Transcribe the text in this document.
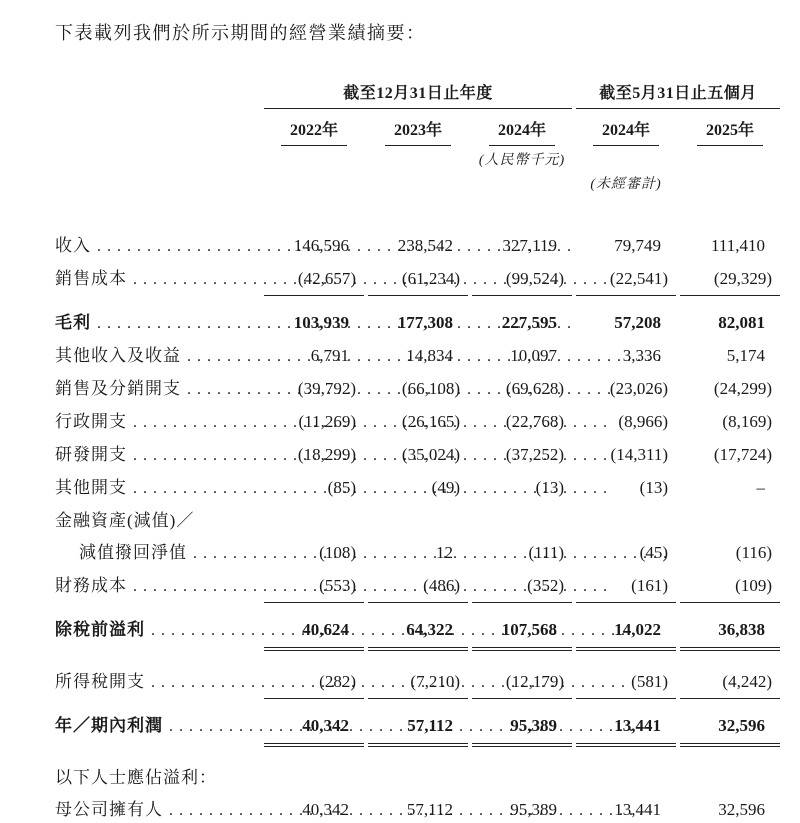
下表載列我們於所示期間的經營業績摘要：

截至12月31日止年度	截至5月31日止五個月
2022年	2023年	2024年	2024年	2025年
(人民幣千元)
(未經審計)
收入 .....	146,596	238,542	327,119	79,749	111,410
銷售成本 .....	(42,657)	(61,234)	(99,524)	(22,541)	(29,329)
毛利 .....	103,939	177,308	227,595	57,208	82,081
其他收入及收益 .....	6,791	14,834	10,097	3,336	5,174
銷售及分銷開支 .....	(39,792)	(66,108)	(69,628)	(23,026)	(24,299)
行政開支 .....	(11,269)	(26,165)	(22,768)	(8,966)	(8,169)
研發開支 .....	(18,299)	(35,024)	(37,252)	(14,311)	(17,724)
其他開支 .....	(85)	(49)	(13)	(13)	–
金融資產(減值)／
減值撥回淨值 .....	(108)	12	(111)	(45)	(116)
財務成本 .....	(553)	(486)	(352)	(161)	(109)
除稅前溢利 .....	40,624	64,322	107,568	14,022	36,838
所得稅開支 .....	(282)	(7,210)	(12,179)	(581)	(4,242)
年／期內利潤 .....	40,342	57,112	95,389	13,441	32,596
以下人士應佔溢利：
母公司擁有人 .....	40,342	57,112	95,389	13,441	32,596
